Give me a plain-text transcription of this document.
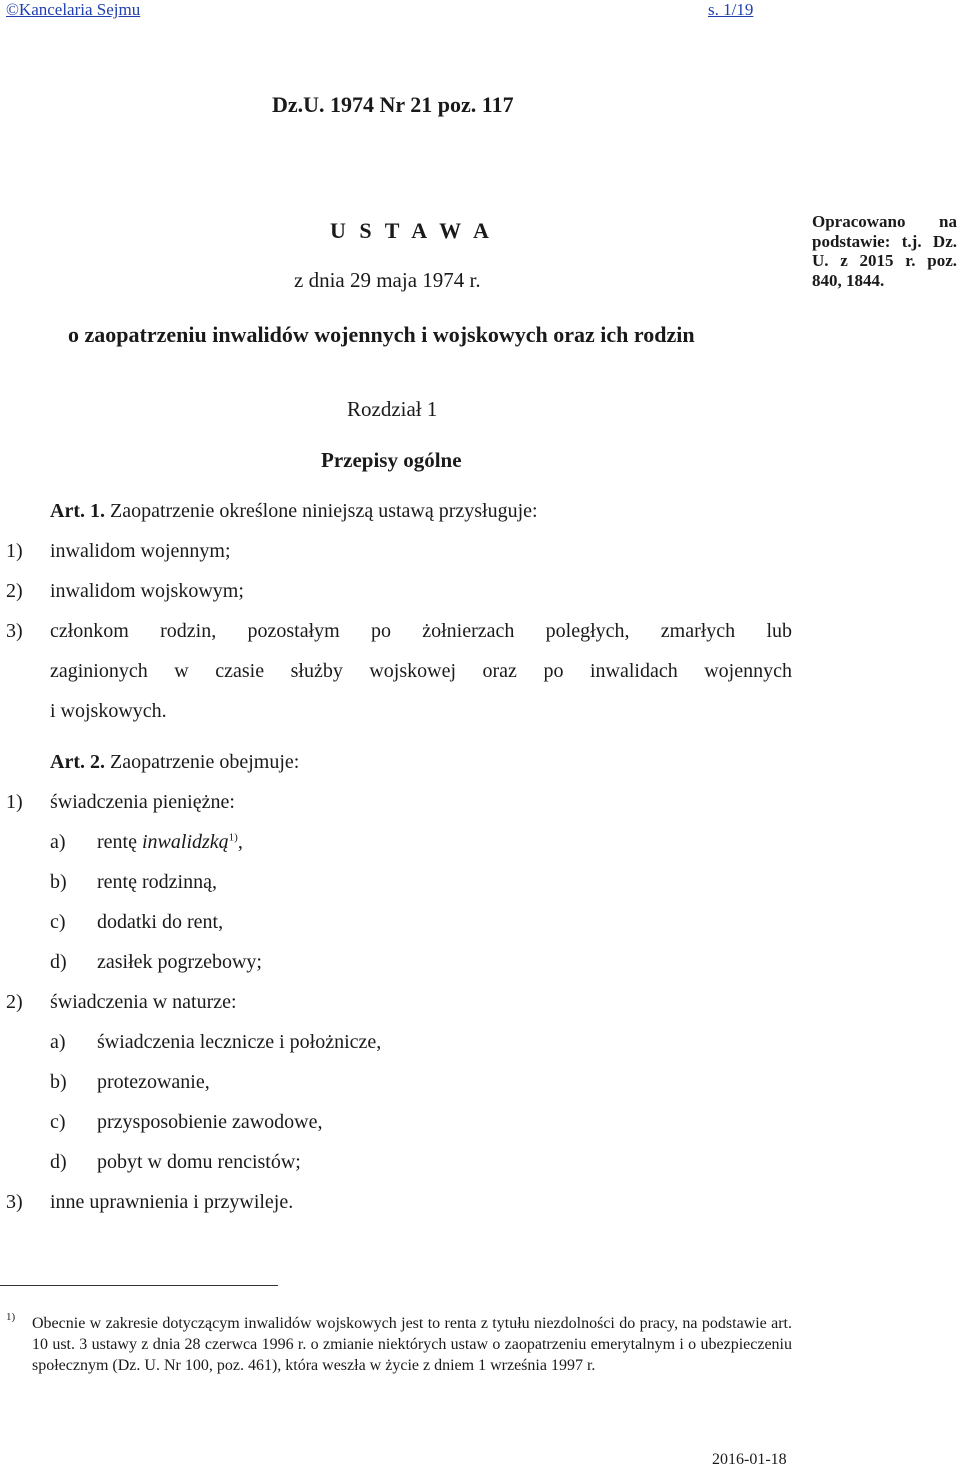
©Kancelaria Sejmu	s. 1/19
Dz.U. 1974 Nr 21 poz. 117
U S T A W A
z dnia 29 maja 1974 r.
Opracowano na podstawie: t.j. Dz. U. z 2015 r. poz. 840, 1844.
o zaopatrzeniu inwalidów wojennych i wojskowych oraz ich rodzin
Rozdział 1
Przepisy ogólne
Art. 1. Zaopatrzenie określone niniejszą ustawą przysługuje:
1) inwalidom wojennym;
2) inwalidom wojskowym;
3) członkom rodzin, pozostałym po żołnierzach poległych, zmarłych lub
zaginionych w czasie służby wojskowej oraz po inwalidach wojennych
i wojskowych.
Art. 2. Zaopatrzenie obejmuje:
1) świadczenia pieniężne:
a) rentę inwalidzką$^{1)}$,
b) rentę rodzinną,
c) dodatki do rent,
d) zasiłek pogrzebowy;
2) świadczenia w naturze:
a) świadczenia lecznicze i położnicze,
b) protezowanie,
c) przysposobienie zawodowe,
d) pobyt w domu rencistów;
3) inne uprawnienia i przywileje.
1) Obecnie w zakresie dotyczącym inwalidów wojskowych jest to renta z tytułu niezdolności do pracy, na podstawie art. 10 ust. 3 ustawy z dnia 28 czerwca 1996 r. o zmianie niektórych ustaw o zaopatrzeniu emerytalnym i o ubezpieczeniu społecznym (Dz. U. Nr 100, poz. 461), która weszła w życie z dniem 1 września 1997 r.
2016-01-18
